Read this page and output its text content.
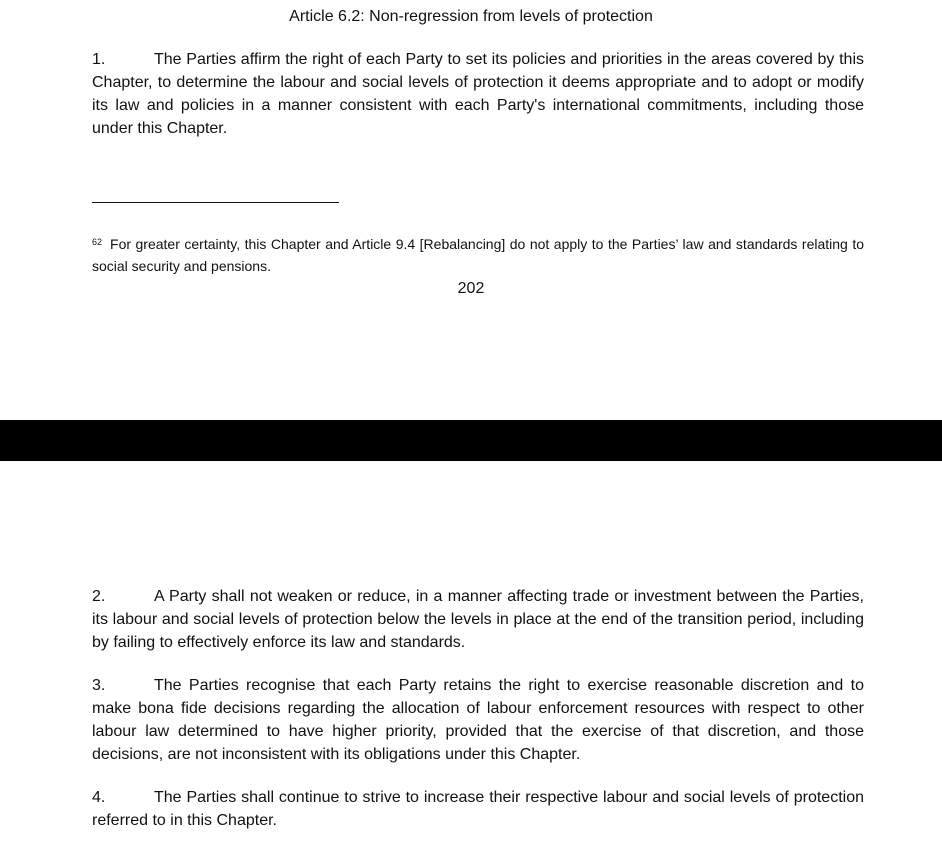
Article 6.2: Non-regression from levels of protection

1.	The Parties affirm the right of each Party to set its policies and priorities in the areas covered by this Chapter, to determine the labour and social levels of protection it deems appropriate and to adopt or modify its law and policies in a manner consistent with each Party's international commitments, including those under this Chapter.

$^{62}$ For greater certainty, this Chapter and Article 9.4 [Rebalancing] do not apply to the Parties’ law and standards relating to social security and pensions.

202

2.	A Party shall not weaken or reduce, in a manner affecting trade or investment between the Parties, its labour and social levels of protection below the levels in place at the end of the transition period, including by failing to effectively enforce its law and standards.

3.	The Parties recognise that each Party retains the right to exercise reasonable discretion and to make bona fide decisions regarding the allocation of labour enforcement resources with respect to other labour law determined to have higher priority, provided that the exercise of that discretion, and those decisions, are not inconsistent with its obligations under this Chapter.

4.	The Parties shall continue to strive to increase their respective labour and social levels of protection referred to in this Chapter.
